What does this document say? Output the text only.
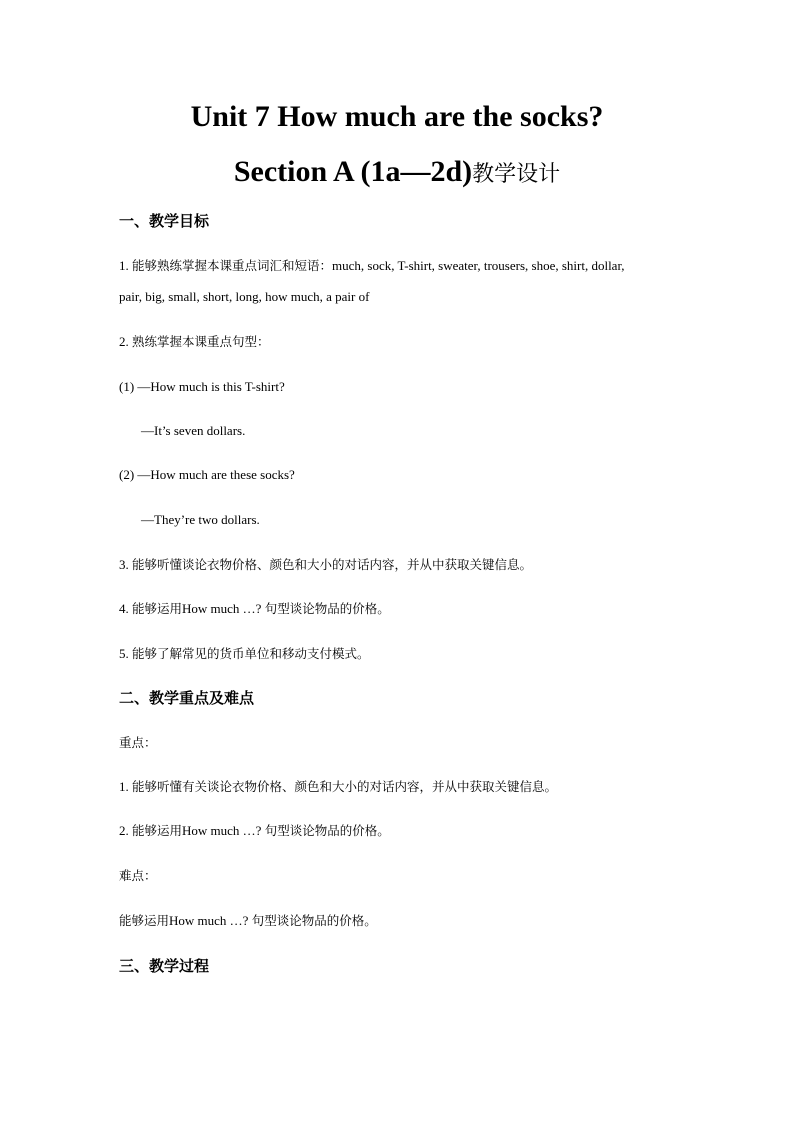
Unit 7 How much are the socks?
Section A (1a—2d)教学设计
一、教学目标
1. 能够熟练掌握本课重点词汇和短语：much, sock, T-shirt, sweater, trousers, shoe, shirt, dollar,
pair, big, small, short, long, how much, a pair of
2. 熟练掌握本课重点句型：
(1) —How much is this T-shirt?
—It’s seven dollars.
(2) —How much are these socks?
—They’re two dollars.
3. 能够听懂谈论衣物价格、颜色和大小的对话内容，并从中获取关键信息。
4. 能够运用How much …? 句型谈论物品的价格。
5. 能够了解常见的货币单位和移动支付模式。
二、教学重点及难点
重点：
1. 能够听懂有关谈论衣物价格、颜色和大小的对话内容，并从中获取关键信息。
2. 能够运用How much …? 句型谈论物品的价格。
难点：
能够运用How much …? 句型谈论物品的价格。
三、教学过程
